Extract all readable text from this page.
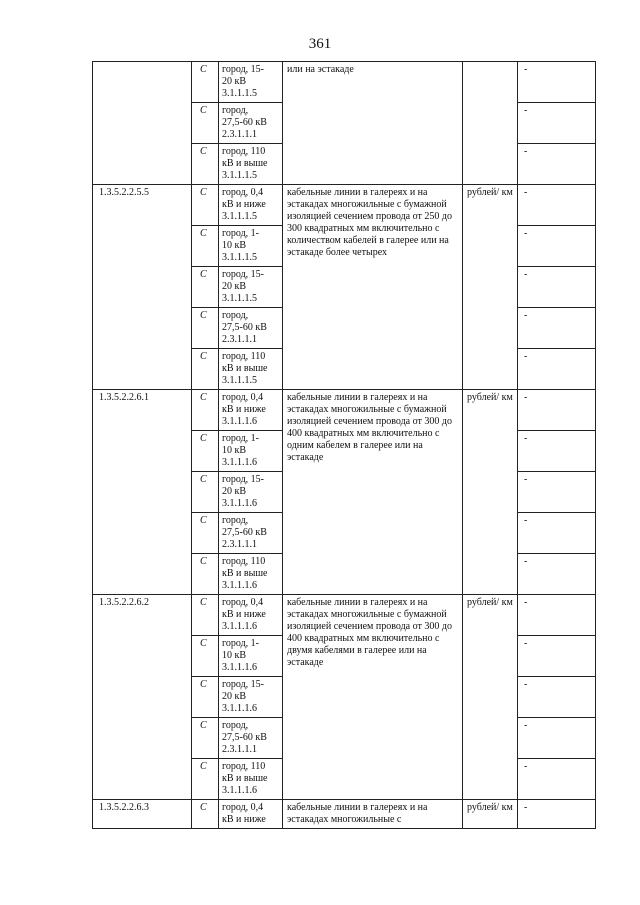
361
	C	город, 15-
20 кВ
3.1.1.1.5	или на эстакаде		-
	C	город,
27,5-60 кВ
2.3.1.1.1			-
	C	город, 110
кВ и выше
3.1.1.1.5			-
1.3.5.2.2.5.5	C	город, 0,4
кВ и ниже
3.1.1.1.5	кабельные линии в галереях и на эстакадах многожильные с бумажной изоляцией сечением провода от 250 до 300 квадратных мм включительно с количеством кабелей в галерее или на эстакаде более четырех	рублей/ км	-
	C	город, 1-
10 кВ
3.1.1.1.5			-
	C	город, 15-
20 кВ
3.1.1.1.5			-
	C	город,
27,5-60 кВ
2.3.1.1.1			-
	C	город, 110
кВ и выше
3.1.1.1.5			-
1.3.5.2.2.6.1	C	город, 0,4
кВ и ниже
3.1.1.1.6	кабельные линии в галереях и на эстакадах многожильные с бумажной изоляцией сечением провода от 300 до 400 квадратных мм включительно с одним кабелем в галерее или на эстакаде	рублей/ км	-
	C	город, 1-
10 кВ
3.1.1.1.6			-
	C	город, 15-
20 кВ
3.1.1.1.6			-
	C	город,
27,5-60 кВ
2.3.1.1.1			-
	C	город, 110
кВ и выше
3.1.1.1.6			-
1.3.5.2.2.6.2	C	город, 0,4
кВ и ниже
3.1.1.1.6	кабельные линии в галереях и на эстакадах многожильные с бумажной изоляцией сечением провода от 300 до 400 квадратных мм включительно с двумя кабелями в галерее или на эстакаде	рублей/ км	-
	C	город, 1-
10 кВ
3.1.1.1.6			-
	C	город, 15-
20 кВ
3.1.1.1.6			-
	C	город,
27,5-60 кВ
2.3.1.1.1			-
	C	город, 110
кВ и выше
3.1.1.1.6			-
1.3.5.2.2.6.3	C	город, 0,4
кВ и ниже	кабельные линии в галереях и на эстакадах многожильные с	рублей/ км	-
